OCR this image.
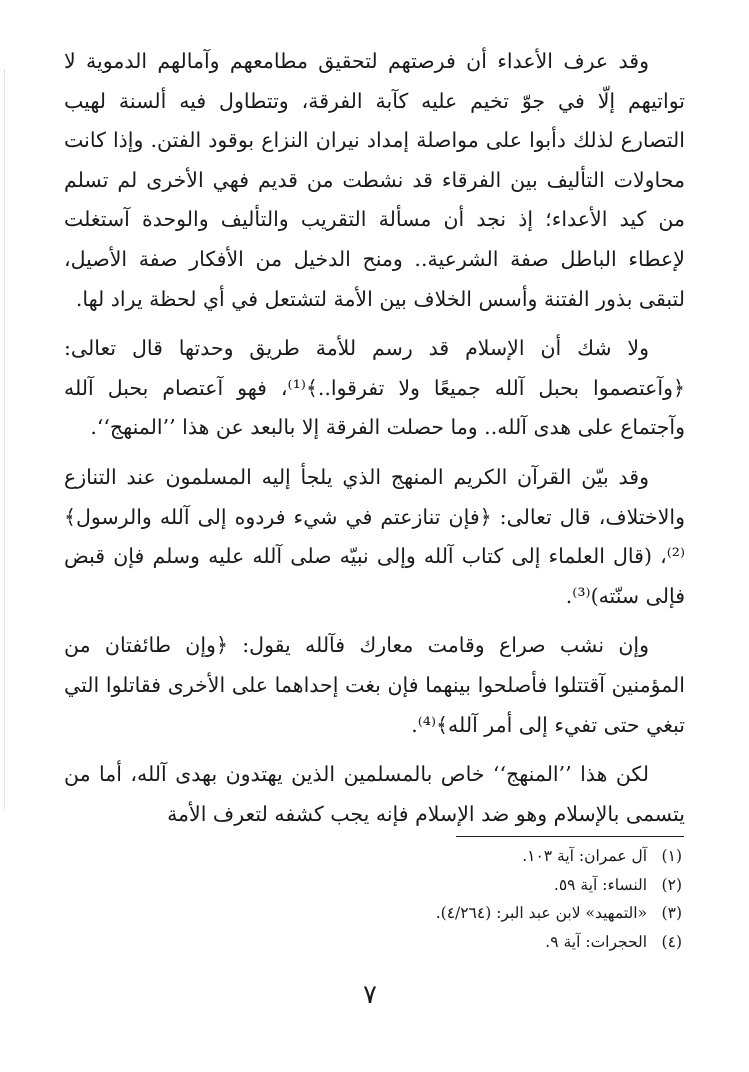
وقد عرف الأعداء أن فرصتهم لتحقيق مطامعهم وآمالهم الدموية لا تواتيهم إلّا في جوّ تخيم عليه كآبة الفرقة، وتتطاول فيه ألسنة لهيب التصارع لذلك دأبوا على مواصلة إمداد نيران النزاع بوقود الفتن. وإذا كانت محاولات التأليف بين الفرقاء قد نشطت من قديم فهي الأخرى لم تسلم من كيد الأعداء؛ إذ نجد أن مسألة التقريب والتأليف والوحدة آستغلت لإعطاء الباطل صفة الشرعية.. ومنح الدخيل من الأفكار صفة الأصيل، لتبقى بذور الفتنة وأسس الخلاف بين الأمة لتشتعل في أي لحظة يراد لها.

ولا شك أن الإسلام قد رسم للأمة طريق وحدتها قال تعالى: ﴿وآعتصموا بحبل آلله جميعًا ولا تفرقوا..﴾⁽¹⁾، فهو آعتصام بحبل آلله وآجتماع على هدى آلله.. وما حصلت الفرقة إلا بالبعد عن هذا ’’المنهج‘‘.

وقد بيّن القرآن الكريم المنهج الذي يلجأ إليه المسلمون عند التنازع والاختلاف، قال تعالى: ﴿فإن تنازعتم في شيء فردوه إلى آلله والرسول﴾⁽²⁾، (قال العلماء إلى كتاب آلله وإلى نبيّه صلى آلله عليه وسلم فإن قبض فإلى سنّته)⁽³⁾.

وإن نشب صراع وقامت معارك فآلله يقول: ﴿وإن طائفتان من المؤمنين آقتتلوا فأصلحوا بينهما فإن بغت إحداهما على الأخرى فقاتلوا التي تبغي حتى تفيء إلى أمر آلله﴾⁽⁴⁾.

لكن هذا ’’المنهج‘‘ خاص بالمسلمين الذين يهتدون بهدى آلله، أما من يتسمى بالإسلام وهو ضد الإسلام فإنه يجب كشفه لتعرف الأمة

(١) آل عمران: آية ١٠٣.
(٢) النساء: آية ٥٩.
(٣) «التمهيد» لابن عبد البر: (٤/٢٦٤).
(٤) الحجرات: آية ٩.
٧
